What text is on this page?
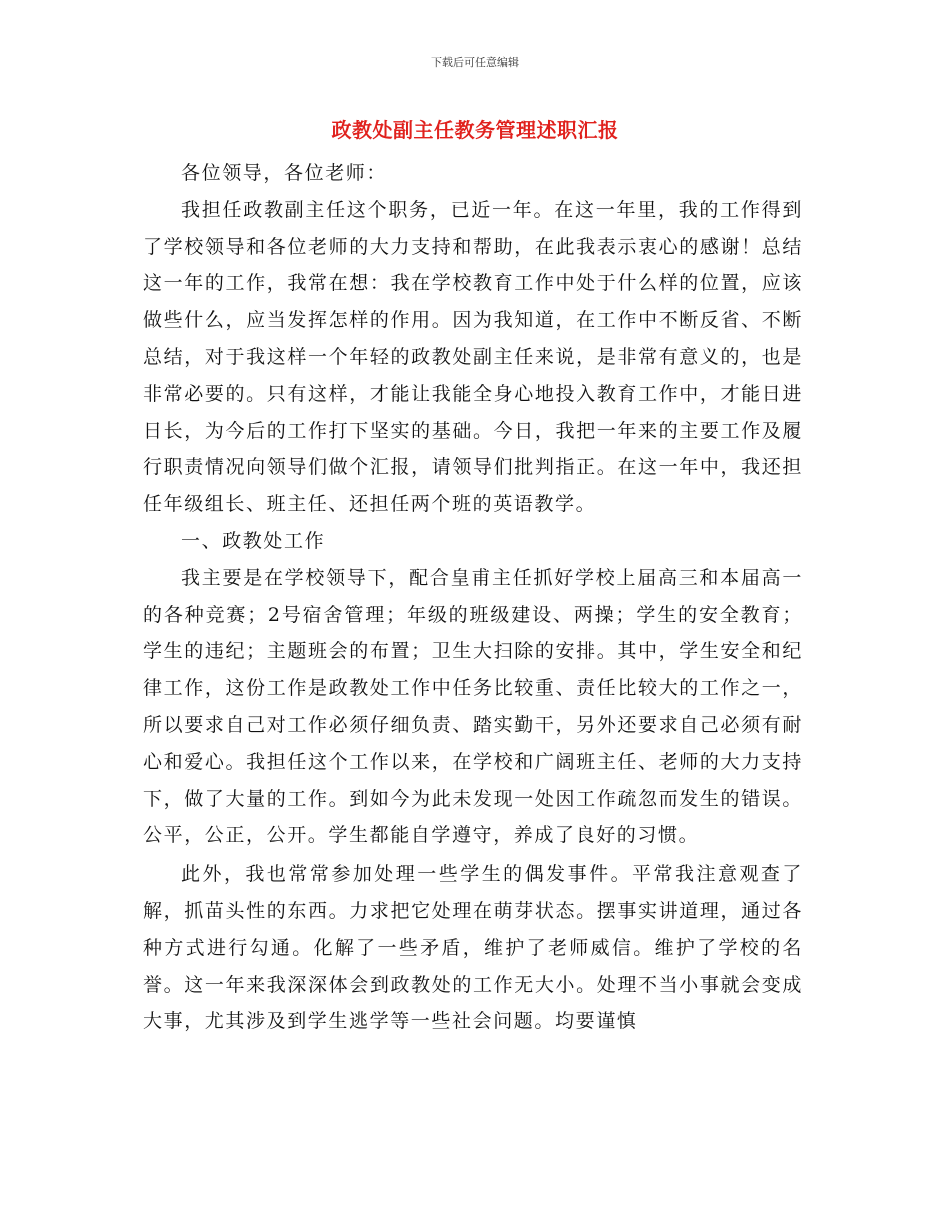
下载后可任意编辑
政教处副主任教务管理述职汇报

各位领导，各位老师：

我担任政教副主任这个职务，已近一年。在这一年里，我的工作得到了学校领导和各位老师的大力支持和帮助，在此我表示衷心的感谢！总结这一年的工作，我常在想：我在学校教育工作中处于什么样的位置，应该做些什么，应当发挥怎样的作用。因为我知道，在工作中不断反省、不断总结，对于我这样一个年轻的政教处副主任来说，是非常有意义的，也是非常必要的。只有这样，才能让我能全身心地投入教育工作中，才能日进日长，为今后的工作打下坚实的基础。今日，我把一年来的主要工作及履行职责情况向领导们做个汇报，请领导们批判指正。在这一年中，我还担任年级组长、班主任、还担任两个班的英语教学。

一、政教处工作

我主要是在学校领导下，配合皇甫主任抓好学校上届高三和本届高一的各种竞赛；2号宿舍管理；年级的班级建设、两操；学生的安全教育；学生的违纪；主题班会的布置；卫生大扫除的安排。其中，学生安全和纪律工作，这份工作是政教处工作中任务比较重、责任比较大的工作之一，所以要求自己对工作必须仔细负责、踏实勤干，另外还要求自己必须有耐心和爱心。我担任这个工作以来，在学校和广阔班主任、老师的大力支持下，做了大量的工作。到如今为此未发现一处因工作疏忽而发生的错误。公平，公正，公开。学生都能自学遵守，养成了良好的习惯。

此外，我也常常参加处理一些学生的偶发事件。平常我注意观查了解，抓苗头性的东西。力求把它处理在萌芽状态。摆事实讲道理，通过各种方式进行勾通。化解了一些矛盾，维护了老师威信。维护了学校的名誉。这一年来我深深体会到政教处的工作无大小。处理不当小事就会变成大事，尤其涉及到学生逃学等一些社会问题。均要谨慎
